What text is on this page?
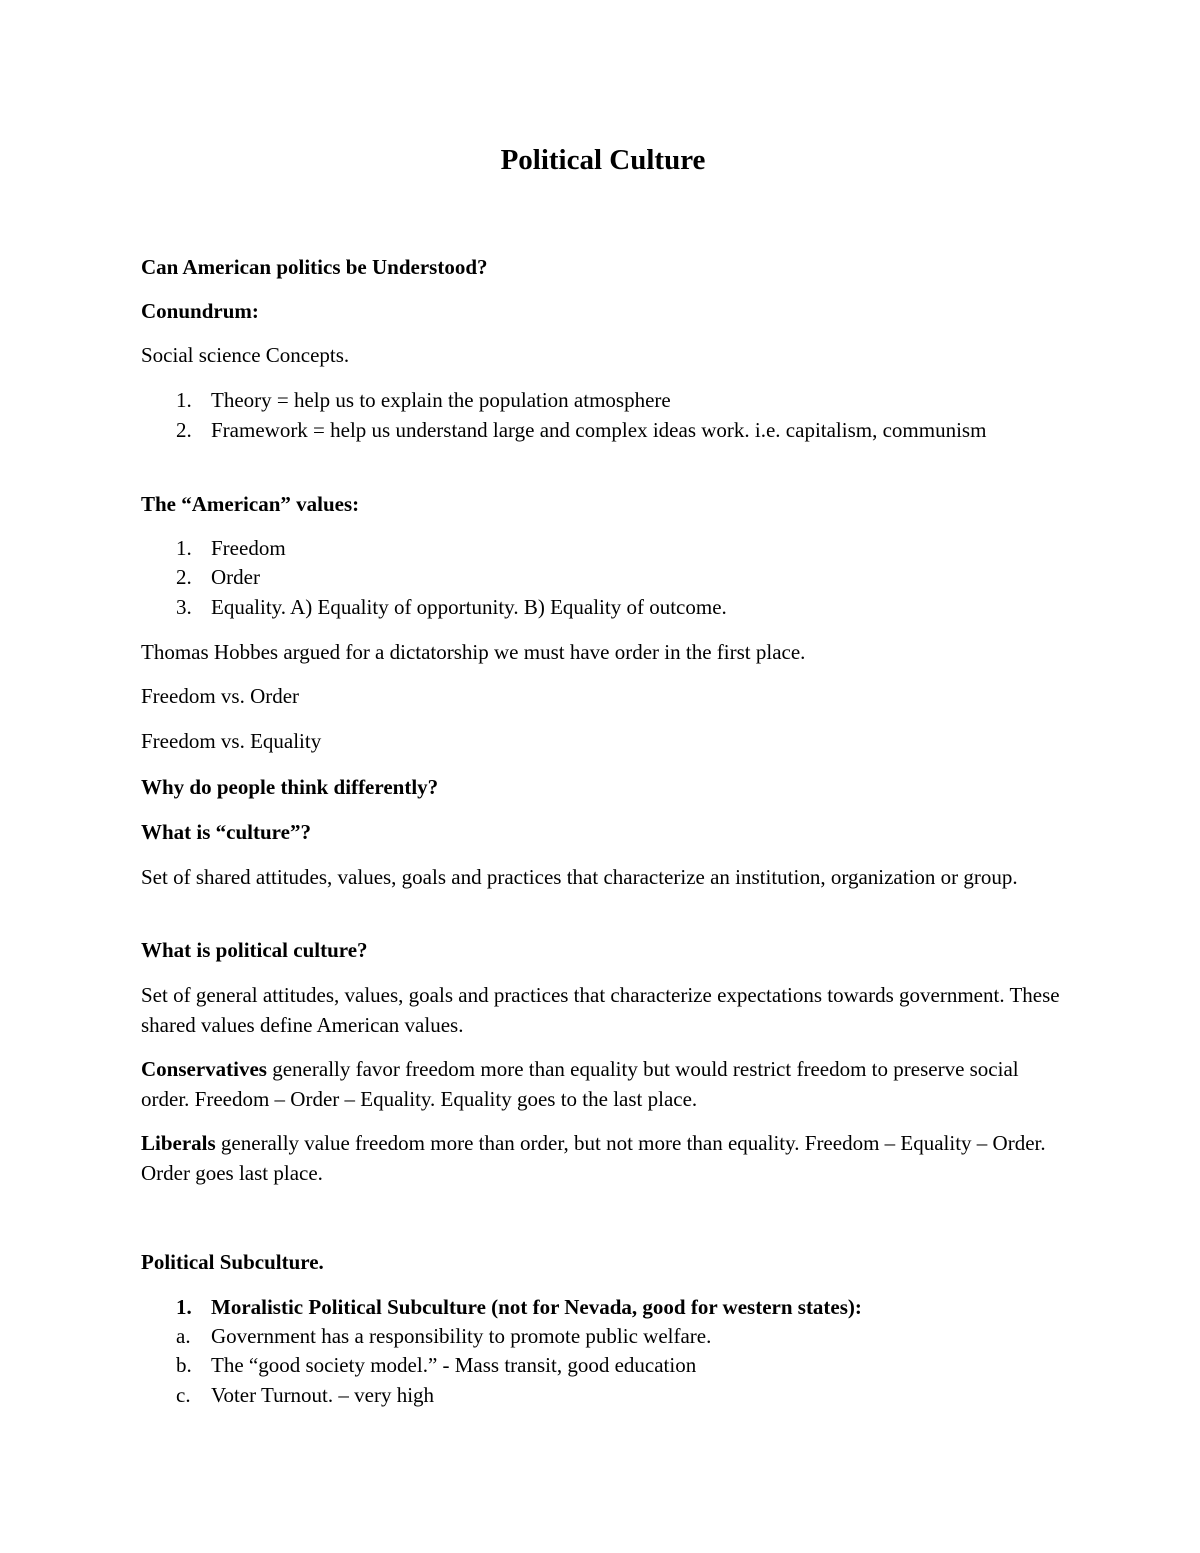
Political Culture

Can American politics be Understood?

Conundrum:

Social science Concepts.

1. Theory = help us to explain the population atmosphere
2. Framework = help us understand large and complex ideas work. i.e. capitalism, communism

The “American” values:

1. Freedom
2. Order
3. Equality. A) Equality of opportunity. B) Equality of outcome.

Thomas Hobbes argued for a dictatorship we must have order in the first place.

Freedom vs. Order

Freedom vs. Equality

Why do people think differently?

What is “culture”?

Set of shared attitudes, values, goals and practices that characterize an institution, organization or group.

What is political culture?

Set of general attitudes, values, goals and practices that characterize expectations towards government. These shared values define American values.

Conservatives generally favor freedom more than equality but would restrict freedom to preserve social order. Freedom – Order – Equality. Equality goes to the last place.

Liberals generally value freedom more than order, but not more than equality. Freedom – Equality – Order. Order goes last place.

Political Subculture.

1. Moralistic Political Subculture (not for Nevada, good for western states):
a. Government has a responsibility to promote public welfare.
b. The “good society model.” - Mass transit, good education
c. Voter Turnout. – very high
